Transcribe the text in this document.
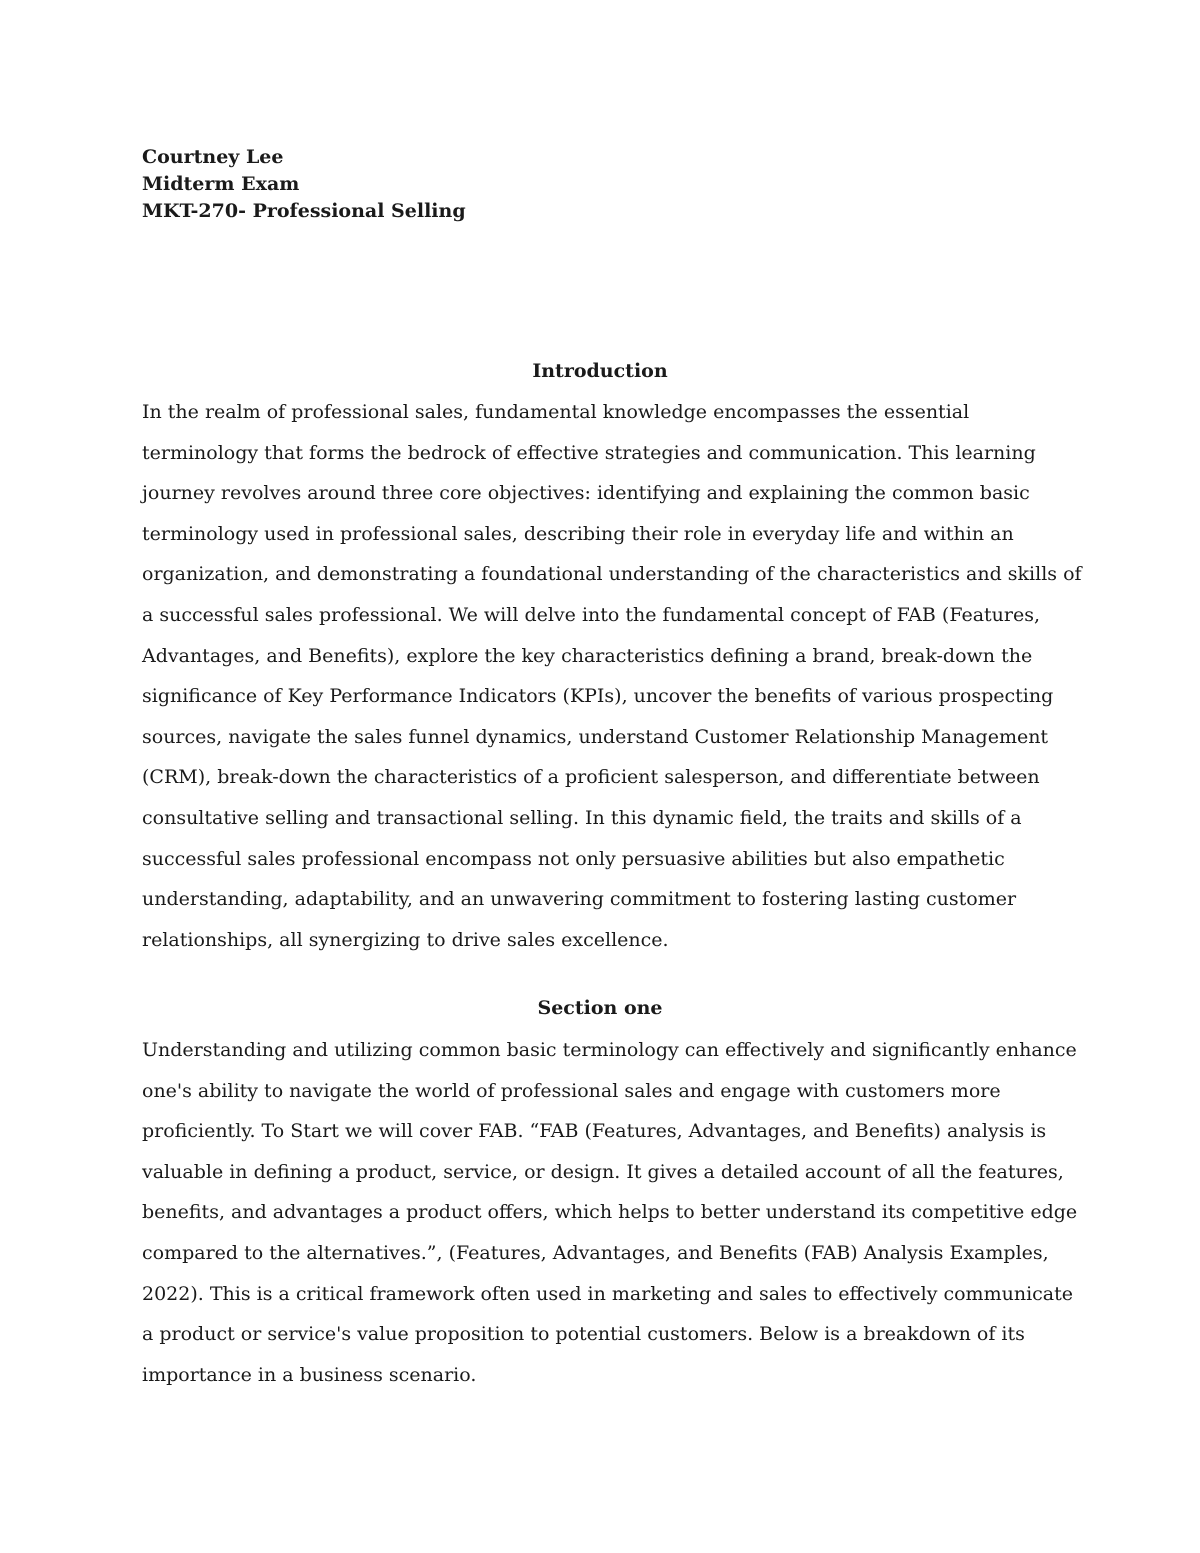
Courtney Lee
Midterm Exam
MKT-270- Professional Selling
Introduction
In the realm of professional sales, fundamental knowledge encompasses the essential
terminology that forms the bedrock of effective strategies and communication. This learning
journey revolves around three core objectives: identifying and explaining the common basic
terminology used in professional sales, describing their role in everyday life and within an
organization, and demonstrating a foundational understanding of the characteristics and skills of
a successful sales professional. We will delve into the fundamental concept of FAB (Features,
Advantages, and Benefits), explore the key characteristics defining a brand, break-down the
significance of Key Performance Indicators (KPIs), uncover the benefits of various prospecting
sources, navigate the sales funnel dynamics, understand Customer Relationship Management
(CRM), break-down the characteristics of a proficient salesperson, and differentiate between
consultative selling and transactional selling. In this dynamic field, the traits and skills of a
successful sales professional encompass not only persuasive abilities but also empathetic
understanding, adaptability, and an unwavering commitment to fostering lasting customer
relationships, all synergizing to drive sales excellence.
Section one
Understanding and utilizing common basic terminology can effectively and significantly enhance
one's ability to navigate the world of professional sales and engage with customers more
proficiently. To Start we will cover FAB. “FAB (Features, Advantages, and Benefits) analysis is
valuable in defining a product, service, or design. It gives a detailed account of all the features,
benefits, and advantages a product offers, which helps to better understand its competitive edge
compared to the alternatives.”, (Features, Advantages, and Benefits (FAB) Analysis Examples,
2022). This is a critical framework often used in marketing and sales to effectively communicate
a product or service's value proposition to potential customers. Below is a breakdown of its
importance in a business scenario.
